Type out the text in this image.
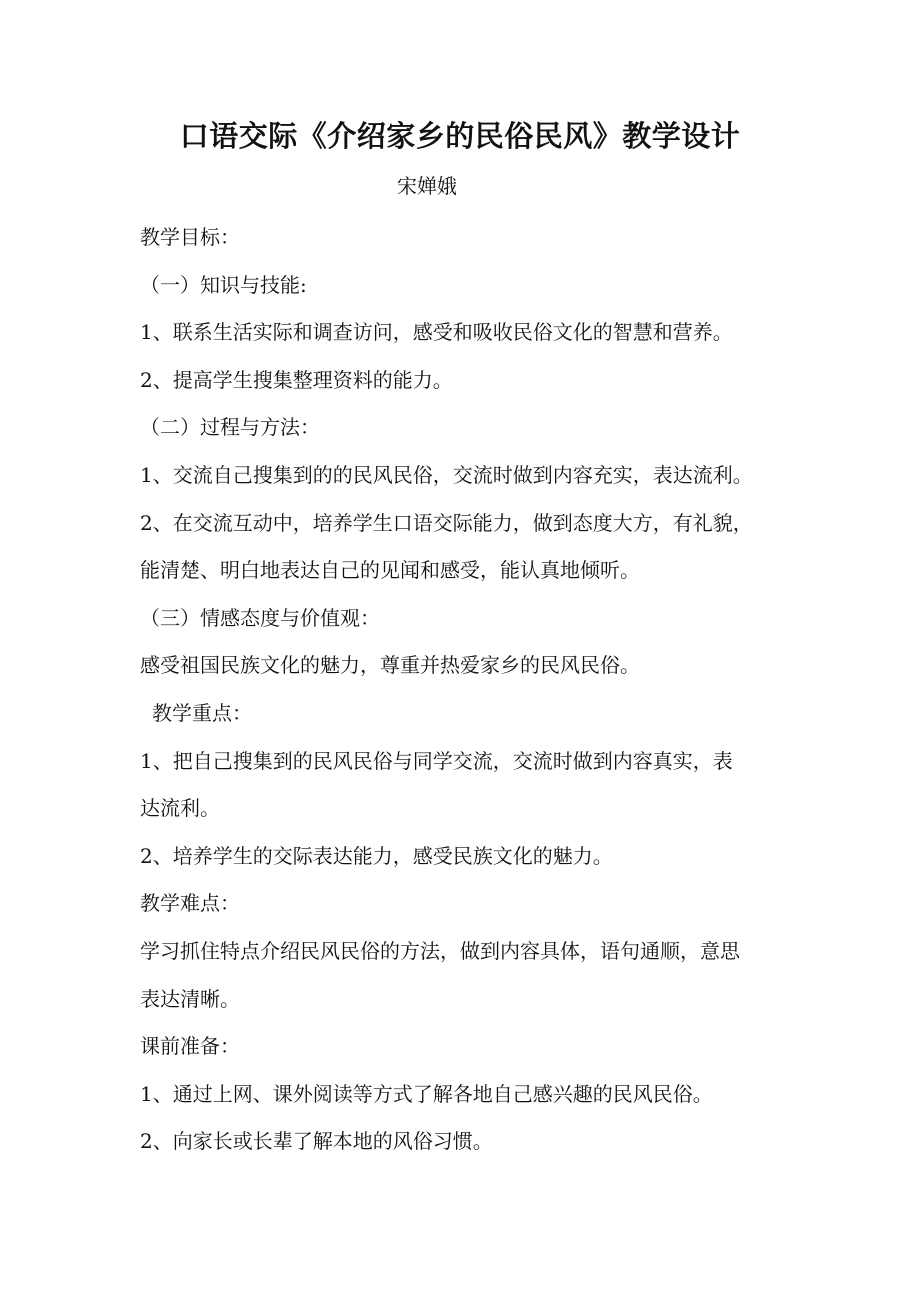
口语交际《介绍家乡的民俗民风》教学设计
宋婵娥

教学目标：

（一）知识与技能:

1、联系生活实际和调查访问，感受和吸收民俗文化的智慧和营养。

2、提高学生搜集整理资料的能力。

（二）过程与方法：

1、交流自己搜集到的的民风民俗，交流时做到内容充实，表达流利。

2、在交流互动中，培养学生口语交际能力，做到态度大方，有礼貌，

能清楚、明白地表达自己的见闻和感受，能认真地倾听。

（三）情感态度与价值观：

感受祖国民族文化的魅力，尊重并热爱家乡的民风民俗。

教学重点：

1、把自己搜集到的民风民俗与同学交流，交流时做到内容真实，表

达流利。

2、培养学生的交际表达能力，感受民族文化的魅力。

教学难点：

学习抓住特点介绍民风民俗的方法，做到内容具体，语句通顺，意思

表达清晰。

课前准备：

1、通过上网、课外阅读等方式了解各地自己感兴趣的民风民俗。

2、向家长或长辈了解本地的风俗习惯。
